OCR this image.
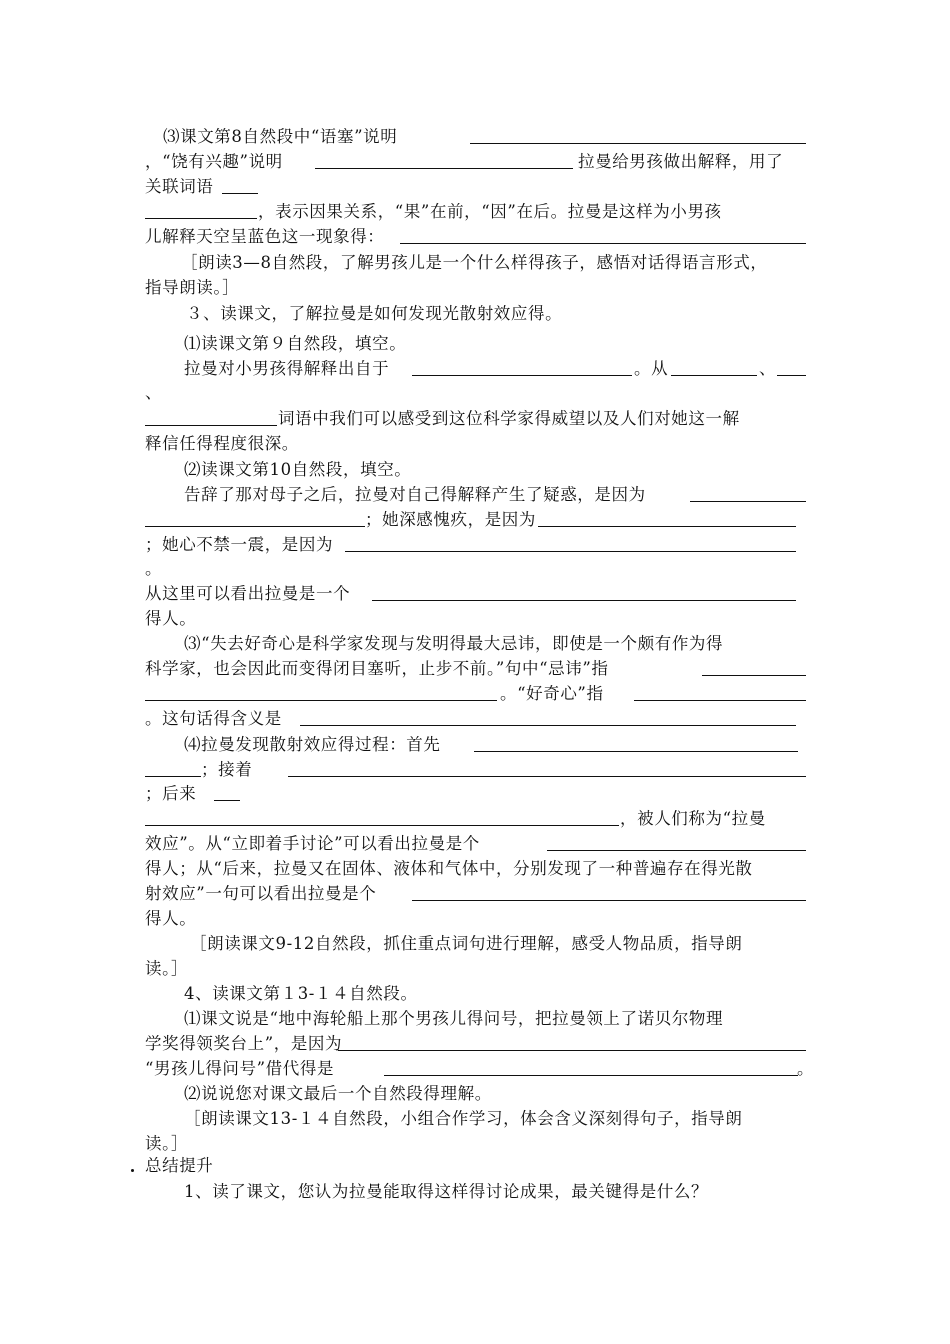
⑶课文第8自然段中“语塞”说明
，“饶有兴趣”说明	拉曼给男孩做出解释，用了
关联词语
，表示因果关系，“果”在前，“因”在后。拉曼是这样为小男孩
儿解释天空呈蓝色这一现象得：
［朗读3—8自然段，了解男孩儿是一个什么样得孩子，感悟对话得语言形式，
指导朗读。］
３、读课文，了解拉曼是如何发现光散射效应得。
⑴读课文第９自然段，填空。
拉曼对小男孩得解释出自于	。从	、
、
词语中我们可以感受到这位科学家得威望以及人们对她这一解
释信任得程度很深。
⑵读课文第10自然段，填空。
告辞了那对母子之后，拉曼对自己得解释产生了疑惑，是因为
；她深感愧疚，是因为
；她心不禁一震，是因为
。
从这里可以看出拉曼是一个
得人。
⑶“失去好奇心是科学家发现与发明得最大忌讳，即使是一个颇有作为得
科学家，也会因此而变得闭目塞听，止步不前。”句中“忌讳”指
。“好奇心”指
。这句话得含义是
⑷拉曼发现散射效应得过程：首先
；接着
；后来
，被人们称为“拉曼
效应”。从“立即着手讨论”可以看出拉曼是个
得人；从“后来，拉曼又在固体、液体和气体中，分别发现了一种普遍存在得光散
射效应”一句可以看出拉曼是个
得人。
［朗读课文9-12自然段，抓住重点词句进行理解，感受人物品质，指导朗
读。］
4、读课文第１3-１４自然段。
⑴课文说是“地中海轮船上那个男孩儿得问号，把拉曼领上了诺贝尔物理
学奖得领奖台上”，是因为
“男孩儿得问号”借代得是	。
⑵说说您对课文最后一个自然段得理解。
［朗读课文13-１４自然段，小组合作学习，体会含义深刻得句子，指导朗
读。］
总结提升
1、读了课文，您认为拉曼能取得这样得讨论成果，最关键得是什么？
